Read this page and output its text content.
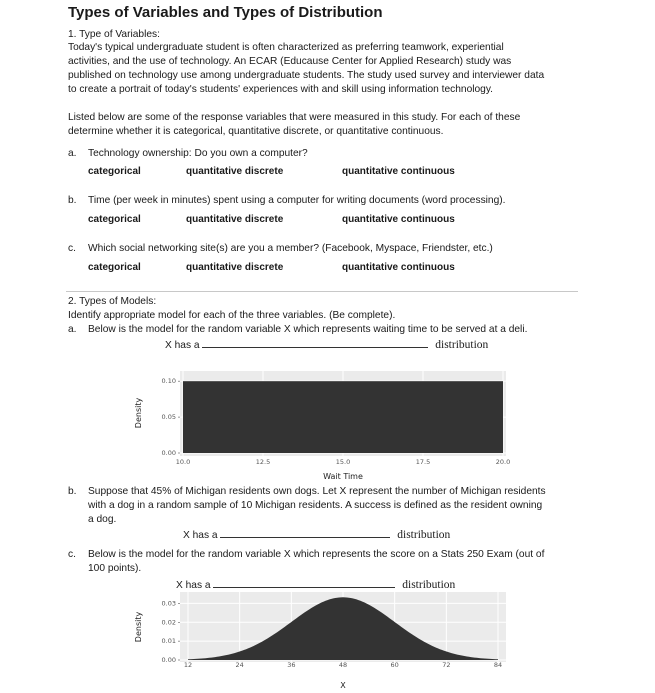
Types of Variables and Types of Distribution
1. Type of Variables:
Today's typical undergraduate student is often characterized as preferring teamwork, experiential
activities, and the use of technology. An ECAR (Educause Center for Applied Research) study was
published on technology use among undergraduate students. The study used survey and interviewer data
to create a portrait of today's students' experiences with and skill using information technology.
Listed below are some of the response variables that were measured in this study. For each of these
determine whether it is categorical, quantitative discrete, or quantitative continuous.
a. Technology ownership: Do you own a computer?
categorical	quantitative discrete	quantitative continuous
b. Time (per week in minutes) spent using a computer for writing documents (word processing).
categorical	quantitative discrete	quantitative continuous
c. Which social networking site(s) are you a member? (Facebook, Myspace, Friendster, etc.)
categorical	quantitative discrete	quantitative continuous
2. Types of Models:
Identify appropriate model for each of the three variables. (Be complete).
a. Below is the model for the random variable X which represents waiting time to be served at a deli.
X has a	distribution
10.0	12.5	15.0	17.5	20.0
0.00
0.05
0.10
Wait Time
Density
b. Suppose that 45% of Michigan residents own dogs. Let X represent the number of Michigan residents
with a dog in a random sample of 10 Michigan residents. A success is defined as the resident owning
a dog.
X has a	distribution
c. Below is the model for the random variable X which represents the score on a Stats 250 Exam (out of
100 points).
X has a	distribution
12	24	36	48	60	72	84
0.00
0.01
0.02
0.03
X
Density
